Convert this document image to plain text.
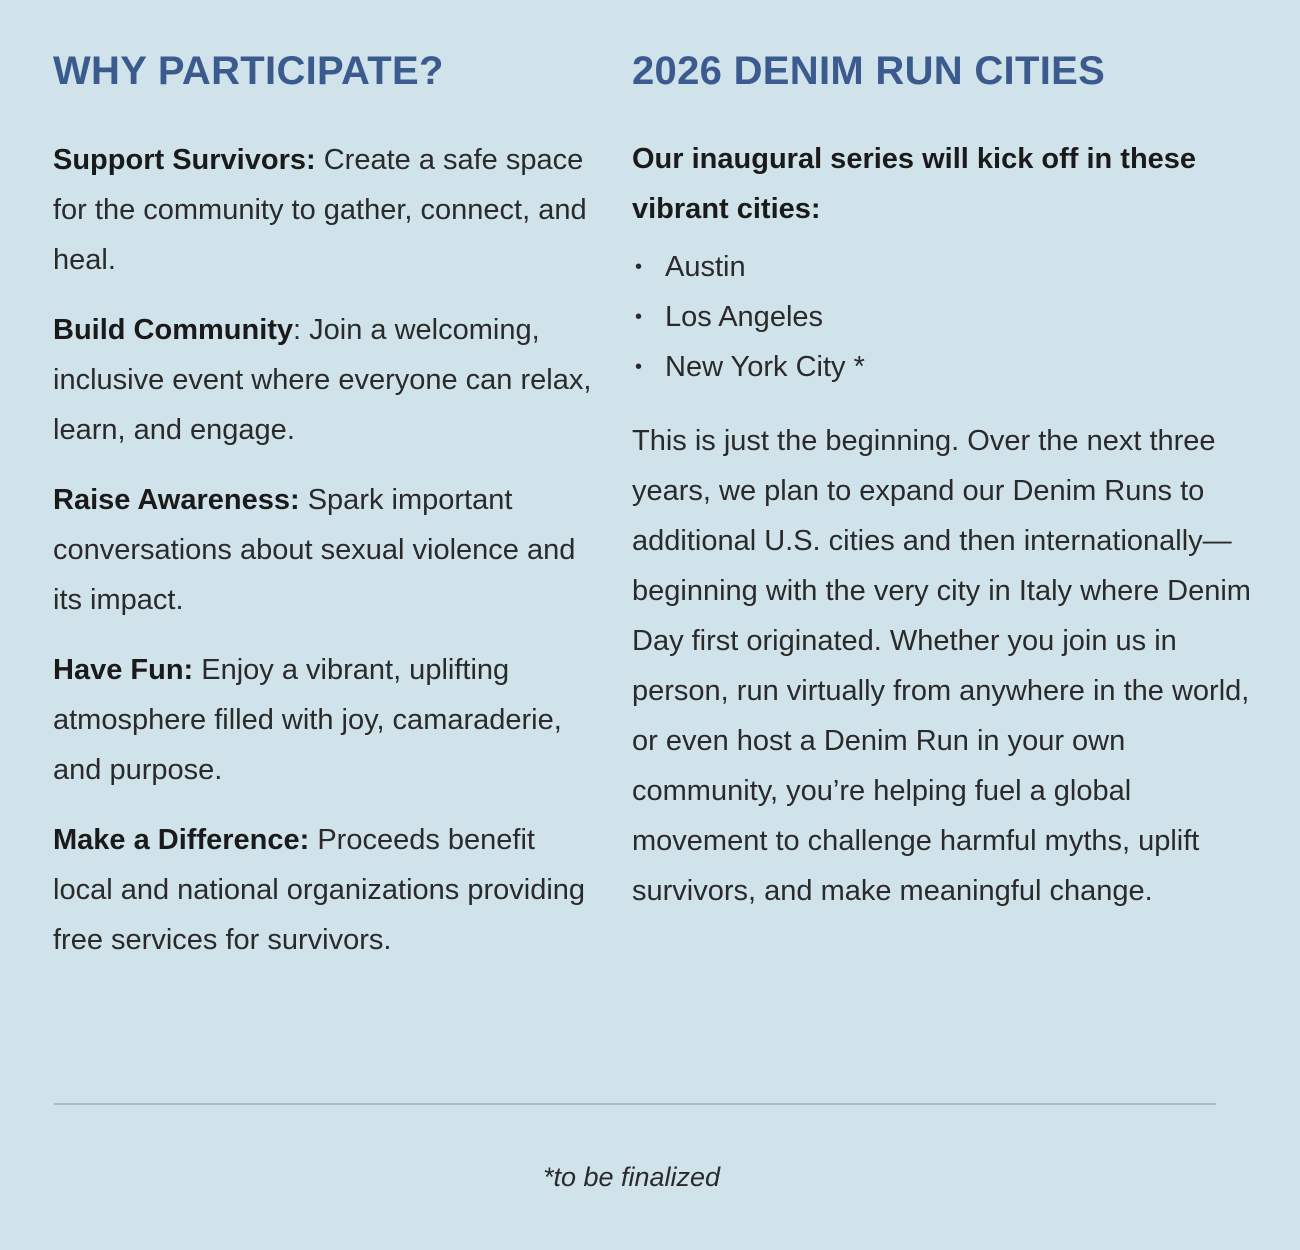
WHY PARTICIPATE?

Support Survivors: Create a safe space for the community to gather, connect, and heal.

Build Community: Join a welcoming, inclusive event where everyone can relax, learn, and engage.

Raise Awareness: Spark important conversations about sexual violence and its impact.

Have Fun: Enjoy a vibrant, uplifting atmosphere filled with joy, camaraderie, and purpose.

Make a Difference: Proceeds benefit local and national organizations providing free services for survivors.

2026 DENIM RUN CITIES

Our inaugural series will kick off in these vibrant cities:

• Austin
• Los Angeles
• New York City *

This is just the beginning. Over the next three years, we plan to expand our Denim Runs to additional U.S. cities and then internationally—beginning with the very city in Italy where Denim Day first originated. Whether you join us in person, run virtually from anywhere in the world, or even host a Denim Run in your own community, you’re helping fuel a global movement to challenge harmful myths, uplift survivors, and make meaningful change.

*to be finalized
